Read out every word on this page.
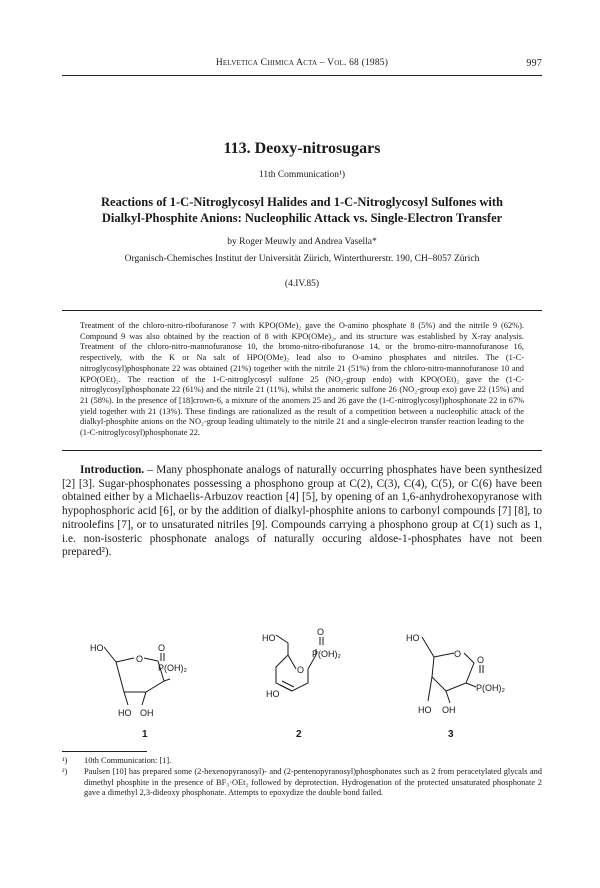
Helvetica Chimica Acta – Vol. 68 (1985)	997
113. Deoxy-nitrosugars
11th Communication¹)
Reactions of 1-C-Nitroglycosyl Halides and 1-C-Nitroglycosyl Sulfones with
Dialkyl-Phosphite Anions: Nucleophilic Attack vs. Single-Electron Transfer
by Roger Meuwly and Andrea Vasella*
Organisch-Chemisches Institut der Universität Zürich, Winterthurerstr. 190, CH–8057 Zürich
(4.IV.85)

Treatment of the chloro-nitro-ribofuranose 7 with KPO(OMe)₂ gave the O-amino phosphate 8 (5%) and the nitrile 9 (62%). Compound 9 was also obtained by the reaction of 8 with KPO(OMe)₂, and its structure was established by X-ray analysis. Treatment of the chloro-nitro-mannofuranose 10, the bromo-nitro-ribofuranose 14, or the bromo-nitro-mannofuranose 16, respectively, with the K or Na salt of HPO(OMe)₂ lead also to O-amino phosphates and nitriles. The (1-C-nitroglycosyl)phosphonate 22 was obtained (21%) together with the nitrile 21 (51%) from the chloro-nitro-mannofuranose 10 and KPO(OEt)₂. The reaction of the 1-C-nitroglycosyl sulfone 25 (NO₂-group endo) with KPO(OEt)₂ gave the (1-C-nitroglycosyl)phosphonate 22 (61%) and the nitrile 21 (11%), whilst the anomeric sulfone 26 (NO₂-group exo) gave 22 (15%) and 21 (58%). In the presence of [18]crown-6, a mixture of the anomers 25 and 26 gave the (1-C-nitroglycosyl)phosphonate 22 in 67% yield together with 21 (13%). These findings are rationalized as the result of a competition between a nucleophilic attack of the dialkyl-phosphite anions on the NO₂-group leading ultimately to the nitrile 21 and a single-electron transfer reaction leading to the (1-C-nitroglycosyl)phosphonate 22.

Introduction. – Many phosphonate analogs of naturally occurring phosphates have been synthesized [2] [3]. Sugar-phosphonates possessing a phosphono group at C(2), C(3), C(4), C(5), or C(6) have been obtained either by a Michaelis-Arbuzov reaction [4] [5], by opening of an 1,6-anhydrohexopyranose with hypophosphoric acid [6], or by the addition of dialkyl-phosphite anions to carbonyl compounds [7] [8], to nitroolefins [7], or to unsaturated nitriles [9]. Compounds carrying a phosphono group at C(1) such as 1, i.e. non-isosteric phosphonate analogs of naturally occuring aldose-1-phosphates have not been prepared²).

HO
O
O
P(OH)₂
HO OH
HO
O
O
P(OH)₂
HO
HO
O
O
P(OH)₂
HO OH
1	2	3
¹) 10th Communication: [1].
²) Paulsen [10] has prepared some (2-hexenopyranosyl)- and (2-pentenopyranosyl)phosphonates such as 2 from peracetylated glycals and dimethyl phosphite in the presence of BF₃·OEt₂ followed by deprotection. Hydrogenation of the protected unsaturated phosphonate 2 gave a dimethyl 2,3-dideoxy phosphonate. Attempts to epoxydize the double bond failed.
